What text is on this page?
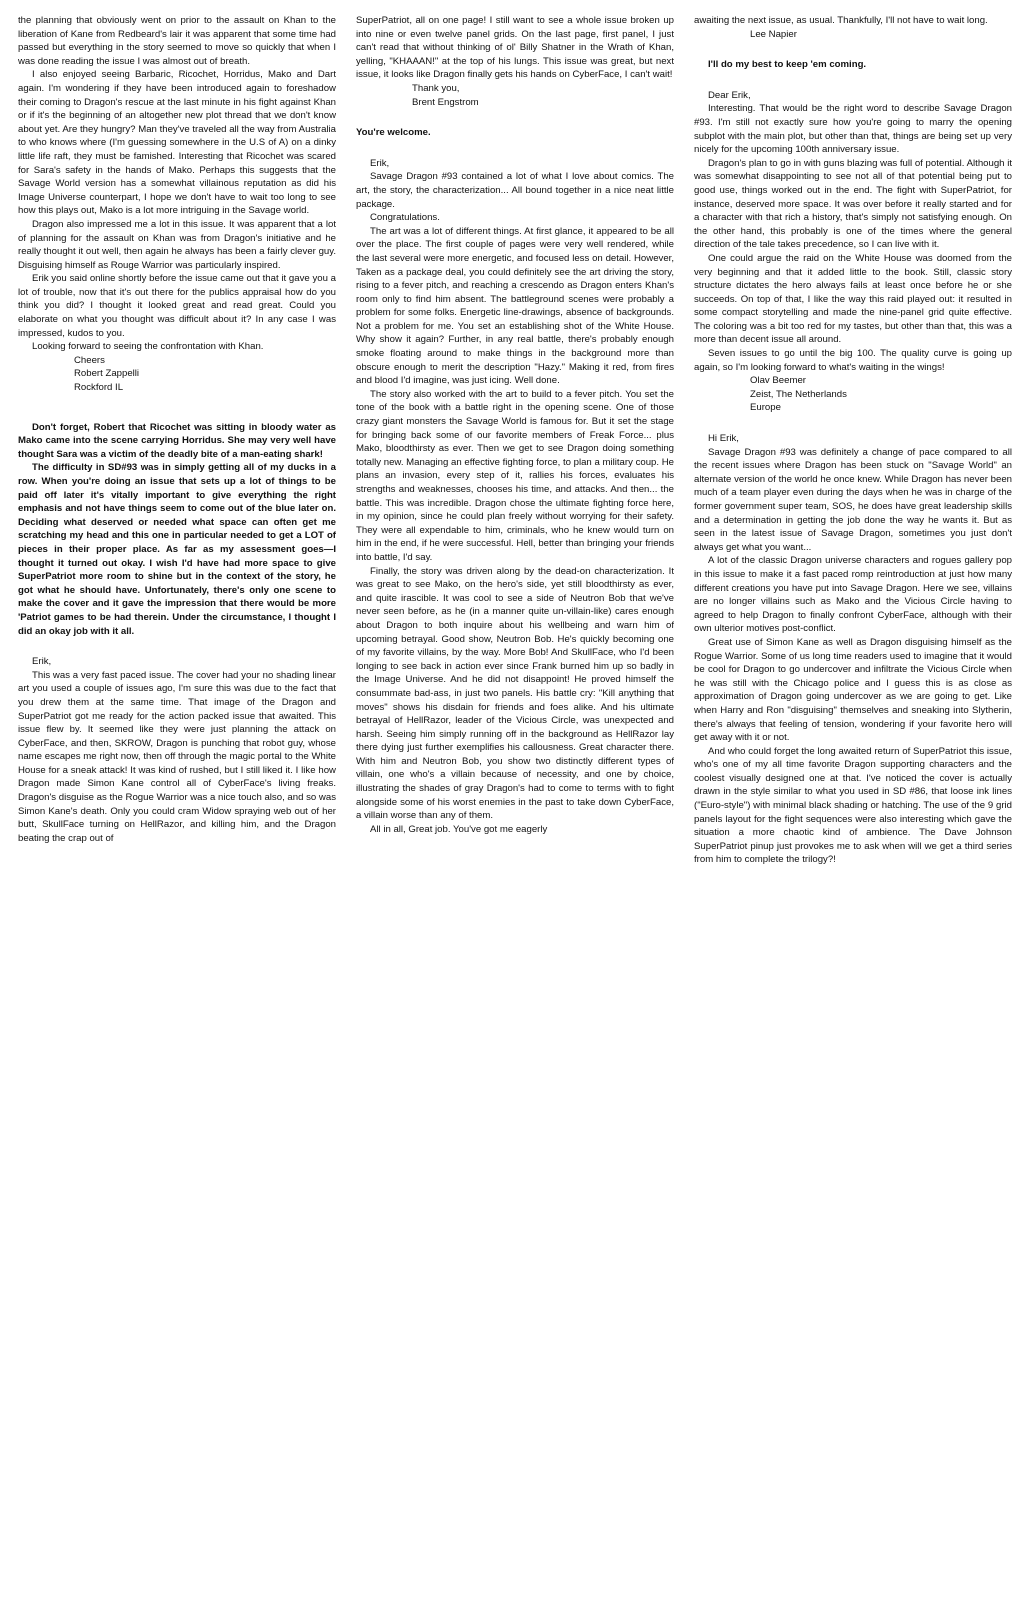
the planning that obviously went on prior to the assault on Khan to the liberation of Kane from Redbeard's lair it was apparent that some time had passed but everything in the story seemed to move so quickly that when I was done reading the issue I was almost out of breath.

I also enjoyed seeing Barbaric, Ricochet, Horridus, Mako and Dart again. I'm wondering if they have been introduced again to foreshadow their coming to Dragon's rescue at the last minute in his fight against Khan or if it's the beginning of an altogether new plot thread that we don't know about yet. Are they hungry? Man they've traveled all the way from Australia to who knows where (I'm guessing somewhere in the U.S of A) on a dinky little life raft, they must be famished. Interesting that Ricochet was scared for Sara's safety in the hands of Mako. Perhaps this suggests that the Savage World version has a somewhat villainous reputation as did his Image Universe counterpart, I hope we don't have to wait too long to see how this plays out, Mako is a lot more intriguing in the Savage world.

Dragon also impressed me a lot in this issue. It was apparent that a lot of planning for the assault on Khan was from Dragon's initiative and he really thought it out well, then again he always has been a fairly clever guy. Disguising himself as Rouge Warrior was particularly inspired.

Erik you said online shortly before the issue came out that it gave you a lot of trouble, now that it's out there for the publics appraisal how do you think you did? I thought it looked great and read great. Could you elaborate on what you thought was difficult about it? In any case I was impressed, kudos to you.

Looking forward to seeing the confrontation with Khan.

Cheers

Robert Zappelli

Rockford IL

Don't forget, Robert that Ricochet was sitting in bloody water as Mako came into the scene carrying Horridus. She may very well have thought Sara was a victim of the deadly bite of a man-eating shark!

The difficulty in SD#93 was in simply getting all of my ducks in a row. When you're doing an issue that sets up a lot of things to be paid off later it's vitally important to give everything the right emphasis and not have things seem to come out of the blue later on. Deciding what deserved or needed what space can often get me scratching my head and this one in particular needed to get a LOT of pieces in their proper place. As far as my assessment goes—I thought it turned out okay. I wish I'd have had more space to give SuperPatriot more room to shine but in the context of the story, he got what he should have. Unfortunately, there's only one scene to make the cover and it gave the impression that there would be more 'Patriot games to be had therein. Under the circumstance, I thought I did an okay job with it all.

Erik,

This was a very fast paced issue. The cover had your no shading linear art you used a couple of issues ago, I'm sure this was due to the fact that you drew them at the same time. That image of the Dragon and SuperPatriot got me ready for the action packed issue that awaited. This issue flew by. It seemed like they were just planning the attack on CyberFace, and then, SKROW, Dragon is punching that robot guy, whose name escapes me right now, then off through the magic portal to the White House for a sneak attack! It was kind of rushed, but I still liked it. I like how Dragon made Simon Kane control all of CyberFace's living freaks. Dragon's disguise as the Rogue Warrior was a nice touch also, and so was Simon Kane's death. Only you could cram Widow spraying web out of her butt, SkullFace turning on HellRazor, and killing him, and the Dragon beating the crap out of

SuperPatriot, all on one page! I still want to see a whole issue broken up into nine or even twelve panel grids. On the last page, first panel, I just can't read that without thinking of ol' Billy Shatner in the Wrath of Khan, yelling, "KHAAAN!" at the top of his lungs. This issue was great, but next issue, it looks like Dragon finally gets his hands on CyberFace, I can't wait!

Thank you,

Brent Engstrom

You're welcome.

Erik,

Savage Dragon #93 contained a lot of what I love about comics. The art, the story, the characterization... All bound together in a nice neat little package.

Congratulations.

The art was a lot of different things. At first glance, it appeared to be all over the place. The first couple of pages were very well rendered, while the last several were more energetic, and focused less on detail. However, Taken as a package deal, you could definitely see the art driving the story, rising to a fever pitch, and reaching a crescendo as Dragon enters Khan's room only to find him absent. The battleground scenes were probably a problem for some folks. Energetic line-drawings, absence of backgrounds. Not a problem for me. You set an establishing shot of the White House. Why show it again? Further, in any real battle, there's probably enough smoke floating around to make things in the background more than obscure enough to merit the description "Hazy." Making it red, from fires and blood I'd imagine, was just icing. Well done.

The story also worked with the art to build to a fever pitch. You set the tone of the book with a battle right in the opening scene. One of those crazy giant monsters the Savage World is famous for. But it set the stage for bringing back some of our favorite members of Freak Force... plus Mako, bloodthirsty as ever. Then we get to see Dragon doing something totally new. Managing an effective fighting force, to plan a military coup. He plans an invasion, every step of it, rallies his forces, evaluates his strengths and weaknesses, chooses his time, and attacks. And then... the battle. This was incredible. Dragon chose the ultimate fighting force here, in my opinion, since he could plan freely without worrying for their safety. They were all expendable to him, criminals, who he knew would turn on him in the end, if he were successful. Hell, better than bringing your friends into battle, I'd say.

Finally, the story was driven along by the dead-on characterization. It was great to see Mako, on the hero's side, yet still bloodthirsty as ever, and quite irascible. It was cool to see a side of Neutron Bob that we've never seen before, as he (in a manner quite un-villain-like) cares enough about Dragon to both inquire about his wellbeing and warn him of upcoming betrayal. Good show, Neutron Bob. He's quickly becoming one of my favorite villains, by the way. More Bob! And SkullFace, who I'd been longing to see back in action ever since Frank burned him up so badly in the Image Universe. And he did not disappoint! He proved himself the consummate bad-ass, in just two panels. His battle cry: "Kill anything that moves" shows his disdain for friends and foes alike. And his ultimate betrayal of HellRazor, leader of the Vicious Circle, was unexpected and harsh. Seeing him simply running off in the background as HellRazor lay there dying just further exemplifies his callousness. Great character there. With him and Neutron Bob, you show two distinctly different types of villain, one who's a villain because of necessity, and one by choice, illustrating the shades of gray Dragon's had to come to terms with to fight alongside some of his worst enemies in the past to take down CyberFace, a villain worse than any of them.

All in all, Great job. You've got me eagerly

awaiting the next issue, as usual. Thankfully, I'll not have to wait long.

Lee Napier

I'll do my best to keep 'em coming.

Dear Erik,

Interesting. That would be the right word to describe Savage Dragon #93. I'm still not exactly sure how you're going to marry the opening subplot with the main plot, but other than that, things are being set up very nicely for the upcoming 100th anniversary issue.

Dragon's plan to go in with guns blazing was full of potential. Although it was somewhat disappointing to see not all of that potential being put to good use, things worked out in the end. The fight with SuperPatriot, for instance, deserved more space. It was over before it really started and for a character with that rich a history, that's simply not satisfying enough. On the other hand, this probably is one of the times where the general direction of the tale takes precedence, so I can live with it.

One could argue the raid on the White House was doomed from the very beginning and that it added little to the book. Still, classic story structure dictates the hero always fails at least once before he or she succeeds. On top of that, I like the way this raid played out: it resulted in some compact storytelling and made the nine-panel grid quite effective. The coloring was a bit too red for my tastes, but other than that, this was a more than decent issue all around.

Seven issues to go until the big 100. The quality curve is going up again, so I'm looking forward to what's waiting in the wings!

Olav Beemer

Zeist, The Netherlands

Europe

Hi Erik,

Savage Dragon #93 was definitely a change of pace compared to all the recent issues where Dragon has been stuck on "Savage World" an alternate version of the world he once knew. While Dragon has never been much of a team player even during the days when he was in charge of the former government super team, SOS, he does have great leadership skills and a determination in getting the job done the way he wants it. But as seen in the latest issue of Savage Dragon, sometimes you just don't always get what you want...

A lot of the classic Dragon universe characters and rogues gallery pop in this issue to make it a fast paced romp reintroduction at just how many different creations you have put into Savage Dragon. Here we see, villains are no longer villains such as Mako and the Vicious Circle having to agreed to help Dragon to finally confront CyberFace, although with their own ulterior motives post-conflict.

Great use of Simon Kane as well as Dragon disguising himself as the Rogue Warrior. Some of us long time readers used to imagine that it would be cool for Dragon to go undercover and infiltrate the Vicious Circle when he was still with the Chicago police and I guess this is as close as approximation of Dragon going undercover as we are going to get. Like when Harry and Ron "disguising" themselves and sneaking into Slytherin, there's always that feeling of tension, wondering if your favorite hero will get away with it or not.

And who could forget the long awaited return of SuperPatriot this issue, who's one of my all time favorite Dragon supporting characters and the coolest visually designed one at that. I've noticed the cover is actually drawn in the style similar to what you used in SD #86, that loose ink lines ("Euro-style") with minimal black shading or hatching. The use of the 9 grid panels layout for the fight sequences were also interesting which gave the situation a more chaotic kind of ambience. The Dave Johnson SuperPatriot pinup just provokes me to ask when will we get a third series from him to complete the trilogy?!
